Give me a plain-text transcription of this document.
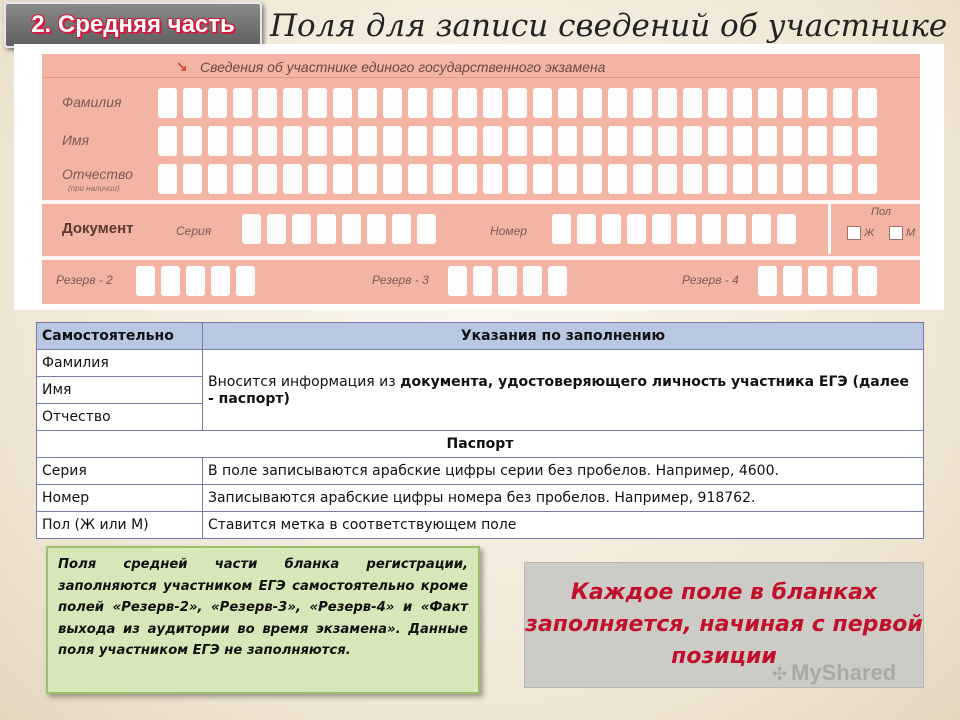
2. Средняя часть	Поля для записи сведений об участнике
↘ Сведения об участнике единого государственного экзамена
Фамилия
Имя
Отчество
(при наличии)
Документ	Серия	Номер
Пол
Ж	М
Резерв - 2	Резерв - 3	Резерв - 4
Самостоятельно	Указания по заполнению
Фамилия	Вносится информация из документа, удостоверяющего личность участника ЕГЭ (далее - паспорт)
Имя	
Отчество	
Паспорт	
Серия	В поле записываются арабские цифры серии без пробелов. Например, 4600.
Номер	Записываются арабские цифры номера без пробелов. Например, 918762.
Пол (Ж или М)	Ставится метка в соответствующем поле
Поля средней части бланка регистрации, заполняются участником ЕГЭ самостоятельно кроме полей «Резерв-2», «Резерв-3», «Резерв-4» и «Факт выхода из аудитории во время экзамена». Данные поля участником ЕГЭ не заполняются.
Каждое поле в бланках заполняется, начиная с первой позиции
✣ MyShared
